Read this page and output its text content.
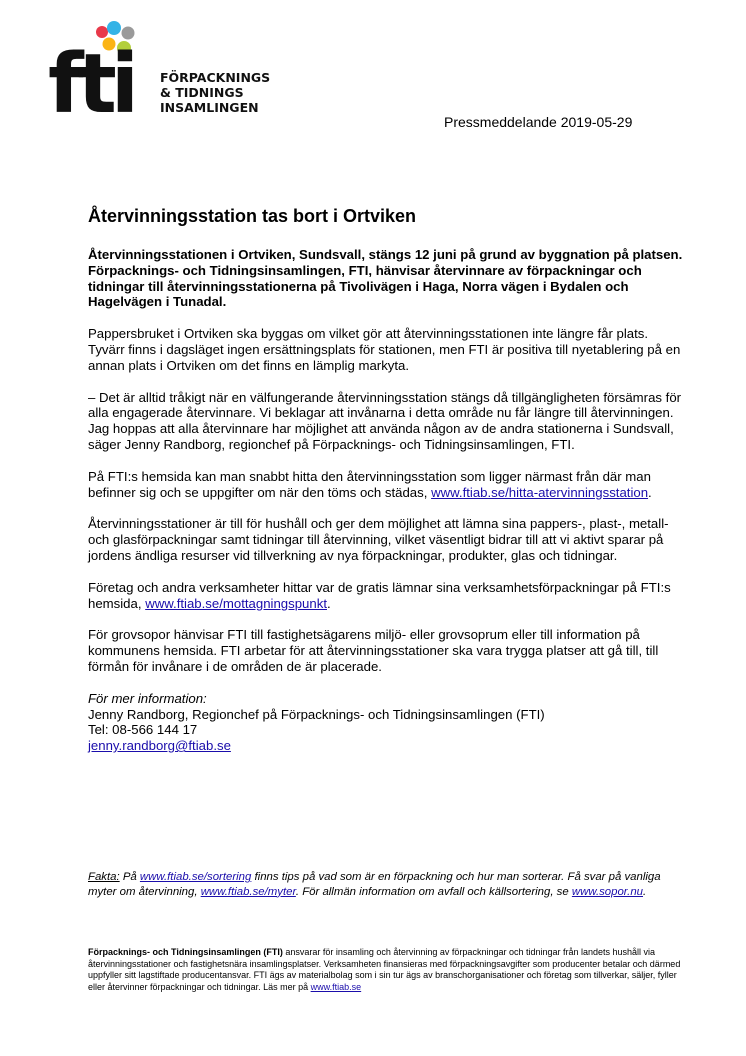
fti FÖRPACKNINGS
& TIDNINGS
INSAMLINGEN
Pressmeddelande 2019-05-29
Återvinningsstation tas bort i Ortviken

Återvinningsstationen i Ortviken, Sundsvall, stängs 12 juni på grund av byggnation på platsen. Förpacknings- och Tidningsinsamlingen, FTI, hänvisar återvinnare av förpackningar och tidningar till återvinningsstationerna på Tivolivägen i Haga, Norra vägen i Bydalen och Hagelvägen i Tunadal.

Pappersbruket i Ortviken ska byggas om vilket gör att återvinningsstationen inte längre får plats. Tyvärr finns i dagsläget ingen ersättningsplats för stationen, men FTI är positiva till nyetablering på en annan plats i Ortviken om det finns en lämplig markyta.

– Det är alltid tråkigt när en välfungerande återvinningsstation stängs då tillgängligheten försämras för alla engagerade återvinnare. Vi beklagar att invånarna i detta område nu får längre till återvinningen. Jag hoppas att alla återvinnare har möjlighet att använda någon av de andra stationerna i Sundsvall, säger Jenny Randborg, regionchef på Förpacknings- och Tidningsinsamlingen, FTI.

På FTI:s hemsida kan man snabbt hitta den återvinningsstation som ligger närmast från där man befinner sig och se uppgifter om när den töms och städas, www.ftiab.se/hitta-atervinningsstation.

Återvinningsstationer är till för hushåll och ger dem möjlighet att lämna sina pappers-, plast-, metall- och glasförpackningar samt tidningar till återvinning, vilket väsentligt bidrar till att vi aktivt sparar på jordens ändliga resurser vid tillverkning av nya förpackningar, produkter, glas och tidningar.

Företag och andra verksamheter hittar var de gratis lämnar sina verksamhetsförpackningar på FTI:s hemsida, www.ftiab.se/mottagningspunkt.

För grovsopor hänvisar FTI till fastighetsägarens miljö- eller grovsoprum eller till information på kommunens hemsida. FTI arbetar för att återvinningsstationer ska vara trygga platser att gå till, till förmån för invånare i de områden de är placerade.

För mer information:
Jenny Randborg, Regionchef på Förpacknings- och Tidningsinsamlingen (FTI)
Tel: 08-566 144 17
jenny.randborg@ftiab.se
Fakta: På www.ftiab.se/sortering finns tips på vad som är en förpackning och hur man sorterar. Få svar på vanliga myter om återvinning, www.ftiab.se/myter. För allmän information om avfall och källsortering, se www.sopor.nu.
Förpacknings- och Tidningsinsamlingen (FTI) ansvarar för insamling och återvinning av förpackningar och tidningar från landets hushåll via återvinningsstationer och fastighetsnära insamlingsplatser. Verksamheten finansieras med förpackningsavgifter som producenter betalar och därmed uppfyller sitt lagstiftade producentansvar. FTI ägs av materialbolag som i sin tur ägs av branschorganisationer och företag som tillverkar, säljer, fyller eller återvinner förpackningar och tidningar. Läs mer på www.ftiab.se
